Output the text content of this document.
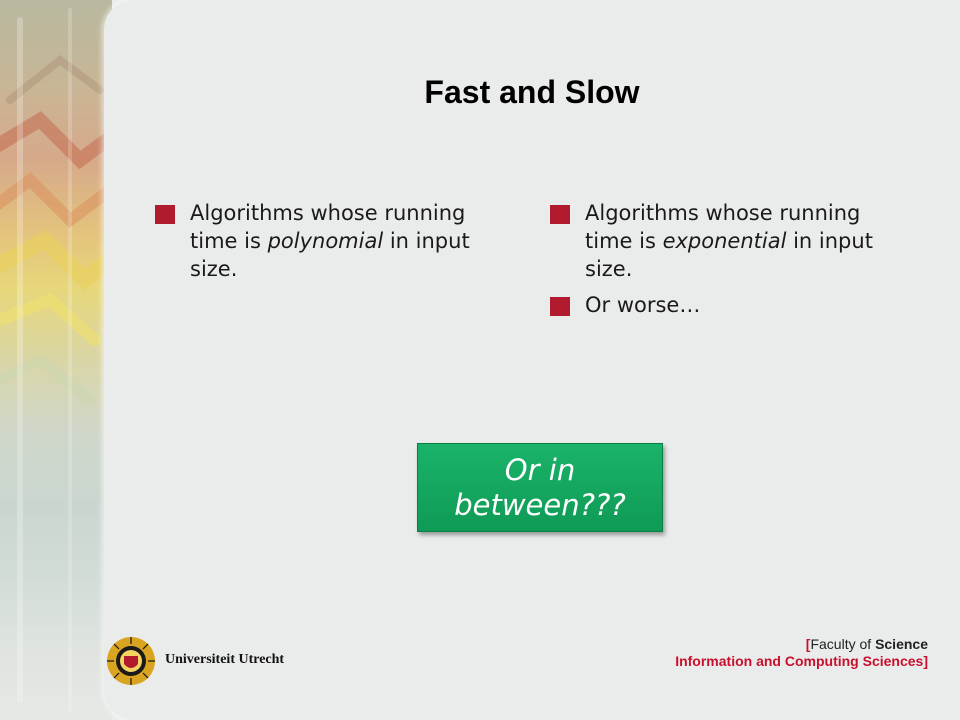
Fast and Slow
Algorithms whose running time is polynomial in input size.
Algorithms whose running time is exponential in input size.
Or worse…
Or in between???
Universiteit Utrecht
[Faculty of Science
Information and Computing Sciences]
